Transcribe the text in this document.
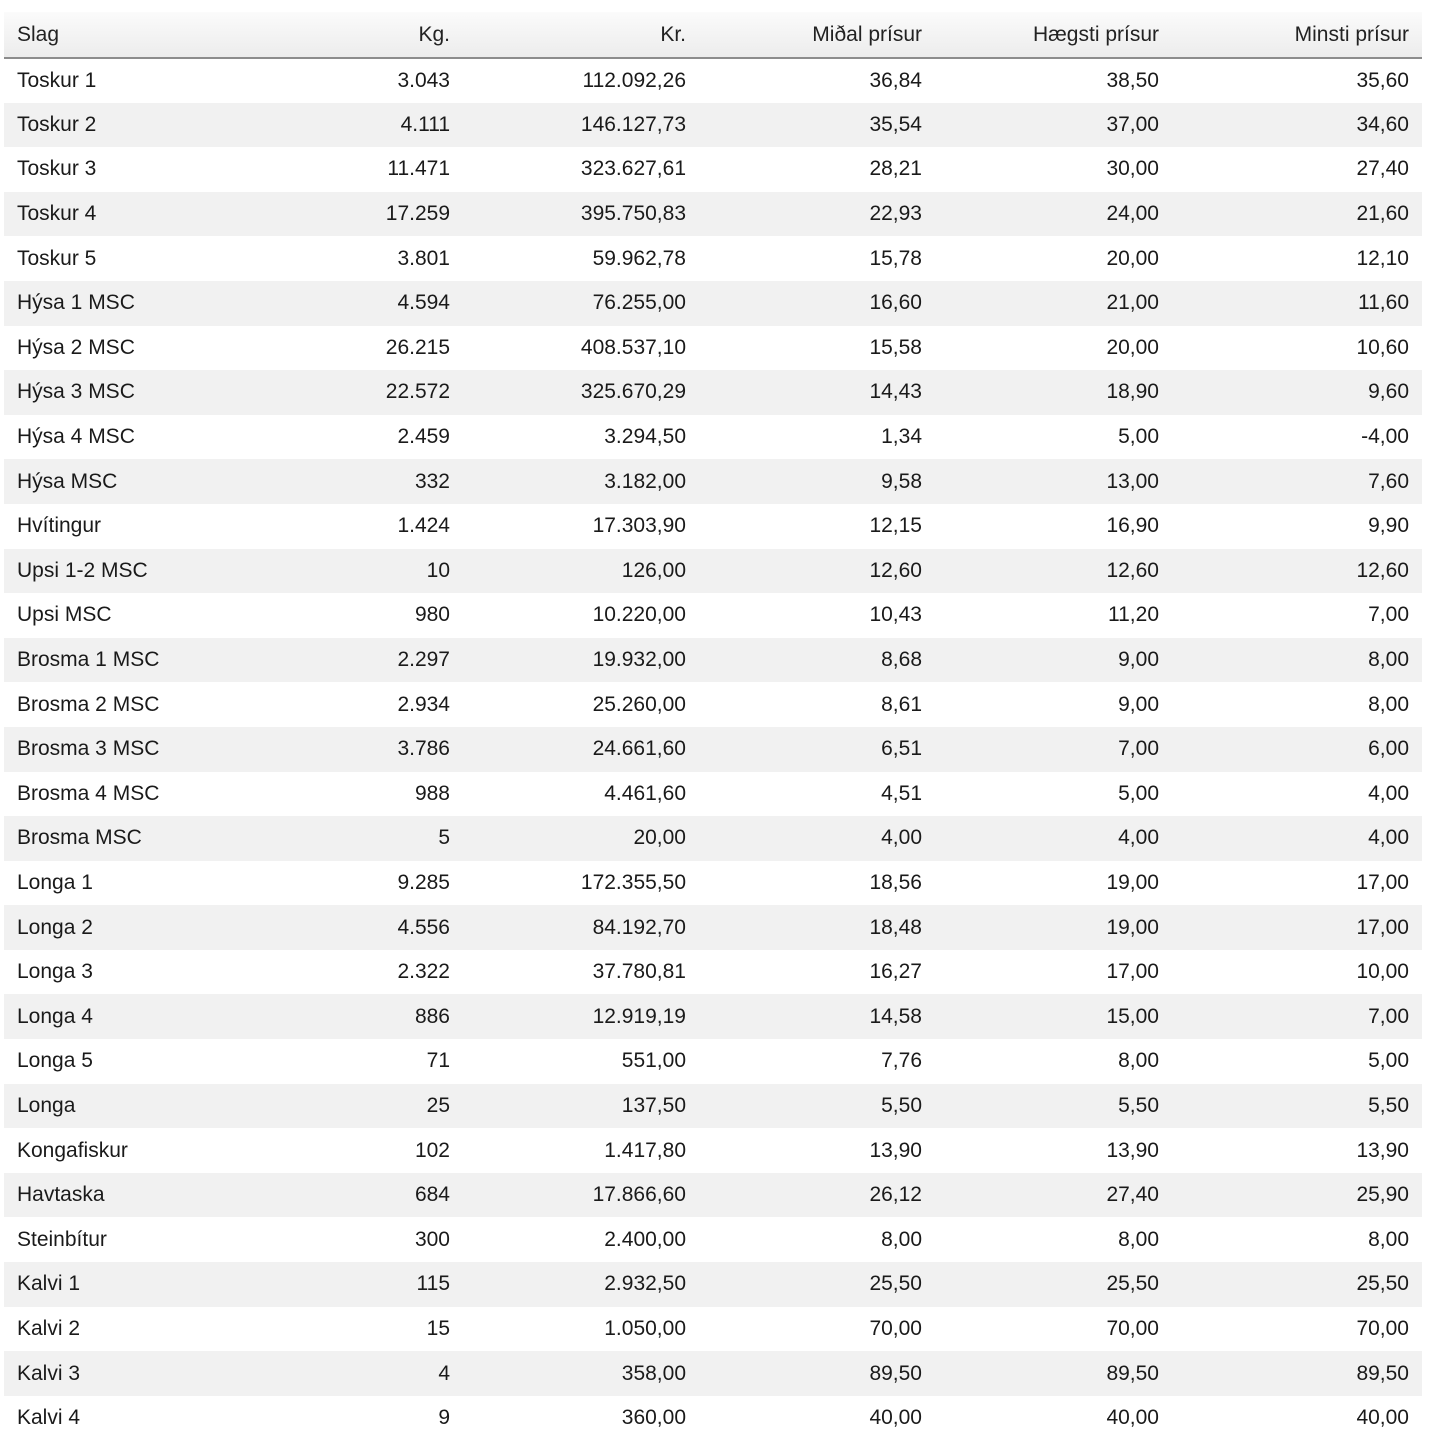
Slag	Kg.	Kr.	Miðal prísur	Hægsti prísur	Minsti prísur
Toskur 1	3.043	112.092,26	36,84	38,50	35,60
Toskur 2	4.111	146.127,73	35,54	37,00	34,60
Toskur 3	11.471	323.627,61	28,21	30,00	27,40
Toskur 4	17.259	395.750,83	22,93	24,00	21,60
Toskur 5	3.801	59.962,78	15,78	20,00	12,10
Hýsa 1 MSC	4.594	76.255,00	16,60	21,00	11,60
Hýsa 2 MSC	26.215	408.537,10	15,58	20,00	10,60
Hýsa 3 MSC	22.572	325.670,29	14,43	18,90	9,60
Hýsa 4 MSC	2.459	3.294,50	1,34	5,00	-4,00
Hýsa MSC	332	3.182,00	9,58	13,00	7,60
Hvítingur	1.424	17.303,90	12,15	16,90	9,90
Upsi 1-2 MSC	10	126,00	12,60	12,60	12,60
Upsi MSC	980	10.220,00	10,43	11,20	7,00
Brosma 1 MSC	2.297	19.932,00	8,68	9,00	8,00
Brosma 2 MSC	2.934	25.260,00	8,61	9,00	8,00
Brosma 3 MSC	3.786	24.661,60	6,51	7,00	6,00
Brosma 4 MSC	988	4.461,60	4,51	5,00	4,00
Brosma MSC	5	20,00	4,00	4,00	4,00
Longa 1	9.285	172.355,50	18,56	19,00	17,00
Longa 2	4.556	84.192,70	18,48	19,00	17,00
Longa 3	2.322	37.780,81	16,27	17,00	10,00
Longa 4	886	12.919,19	14,58	15,00	7,00
Longa 5	71	551,00	7,76	8,00	5,00
Longa	25	137,50	5,50	5,50	5,50
Kongafiskur	102	1.417,80	13,90	13,90	13,90
Havtaska	684	17.866,60	26,12	27,40	25,90
Steinbítur	300	2.400,00	8,00	8,00	8,00
Kalvi 1	115	2.932,50	25,50	25,50	25,50
Kalvi 2	15	1.050,00	70,00	70,00	70,00
Kalvi 3	4	358,00	89,50	89,50	89,50
Kalvi 4	9	360,00	40,00	40,00	40,00
